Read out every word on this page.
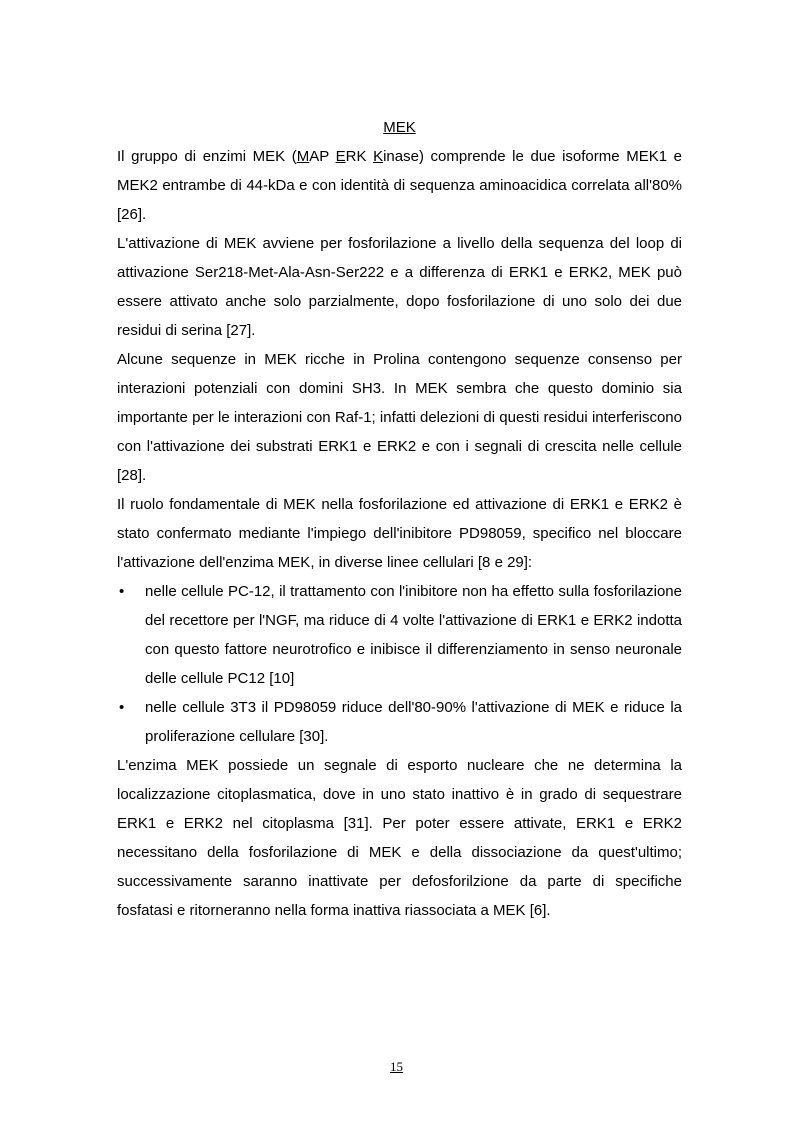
MEK

Il gruppo di enzimi MEK (MAP ERK Kinase) comprende le due isoforme MEK1 e MEK2 entrambe di 44-kDa e con identità di sequenza aminoacidica correlata all'80% [26].

L'attivazione di MEK avviene per fosforilazione a livello della sequenza del loop di attivazione Ser218-Met-Ala-Asn-Ser222 e a differenza di ERK1 e ERK2, MEK può essere attivato anche solo parzialmente, dopo fosforilazione di uno solo dei due residui di serina [27].

Alcune sequenze in MEK ricche in Prolina contengono sequenze consenso per interazioni potenziali con domini SH3. In MEK sembra che questo dominio sia importante per le interazioni con Raf-1; infatti delezioni di questi residui interferiscono con l'attivazione dei substrati ERK1 e ERK2 e con i segnali di crescita nelle cellule [28].

Il ruolo fondamentale di MEK nella fosforilazione ed attivazione di ERK1 e ERK2 è stato confermato mediante l'impiego dell'inibitore PD98059, specifico nel bloccare l'attivazione dell'enzima MEK, in diverse linee cellulari [8 e 29]:

• nelle cellule PC-12, il trattamento con l'inibitore non ha effetto sulla fosforilazione del recettore per l'NGF, ma riduce di 4 volte l'attivazione di ERK1 e ERK2 indotta con questo fattore neurotrofico e inibisce il differenziamento in senso neuronale delle cellule PC12 [10]
• nelle cellule 3T3 il PD98059 riduce dell'80-90% l'attivazione di MEK e riduce la proliferazione cellulare [30].

L'enzima MEK possiede un segnale di esporto nucleare che ne determina la localizzazione citoplasmatica, dove in uno stato inattivo è in grado di sequestrare ERK1 e ERK2 nel citoplasma [31]. Per poter essere attivate, ERK1 e ERK2 necessitano della fosforilazione di MEK e della dissociazione da quest'ultimo; successivamente saranno inattivate per defosforilzione da parte di specifiche fosfatasi e ritorneranno nella forma inattiva riassociata a MEK [6].

15
